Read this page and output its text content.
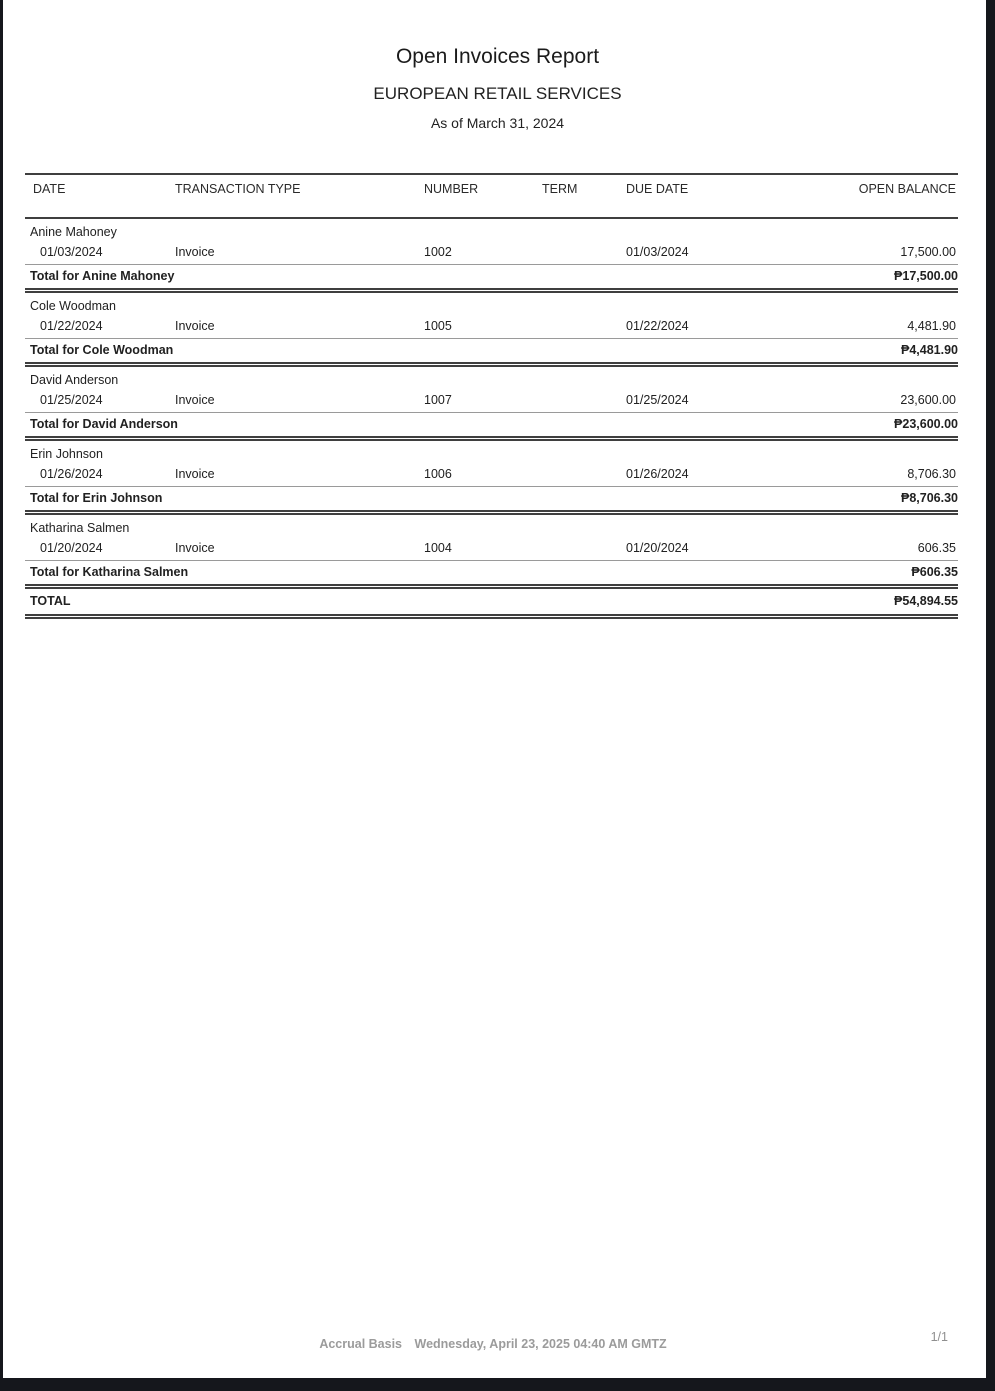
Open Invoices Report
EUROPEAN RETAIL SERVICES
As of March 31, 2024
DATE	TRANSACTION TYPE	NUMBER	TERM	DUE DATE	OPEN BALANCE
Anine Mahoney					
01/03/2024	Invoice	1002		01/03/2024	17,500.00
Total for Anine Mahoney					₱17,500.00
Cole Woodman					
01/22/2024	Invoice	1005		01/22/2024	4,481.90
Total for Cole Woodman					₱4,481.90
David Anderson					
01/25/2024	Invoice	1007		01/25/2024	23,600.00
Total for David Anderson					₱23,600.00
Erin Johnson					
01/26/2024	Invoice	1006		01/26/2024	8,706.30
Total for Erin Johnson					₱8,706.30
Katharina Salmen					
01/20/2024	Invoice	1004		01/20/2024	606.35
Total for Katharina Salmen					₱606.35
TOTAL					₱54,894.55
Accrual Basis Wednesday, April 23, 2025 04:40 AM GMTZ	1/1
